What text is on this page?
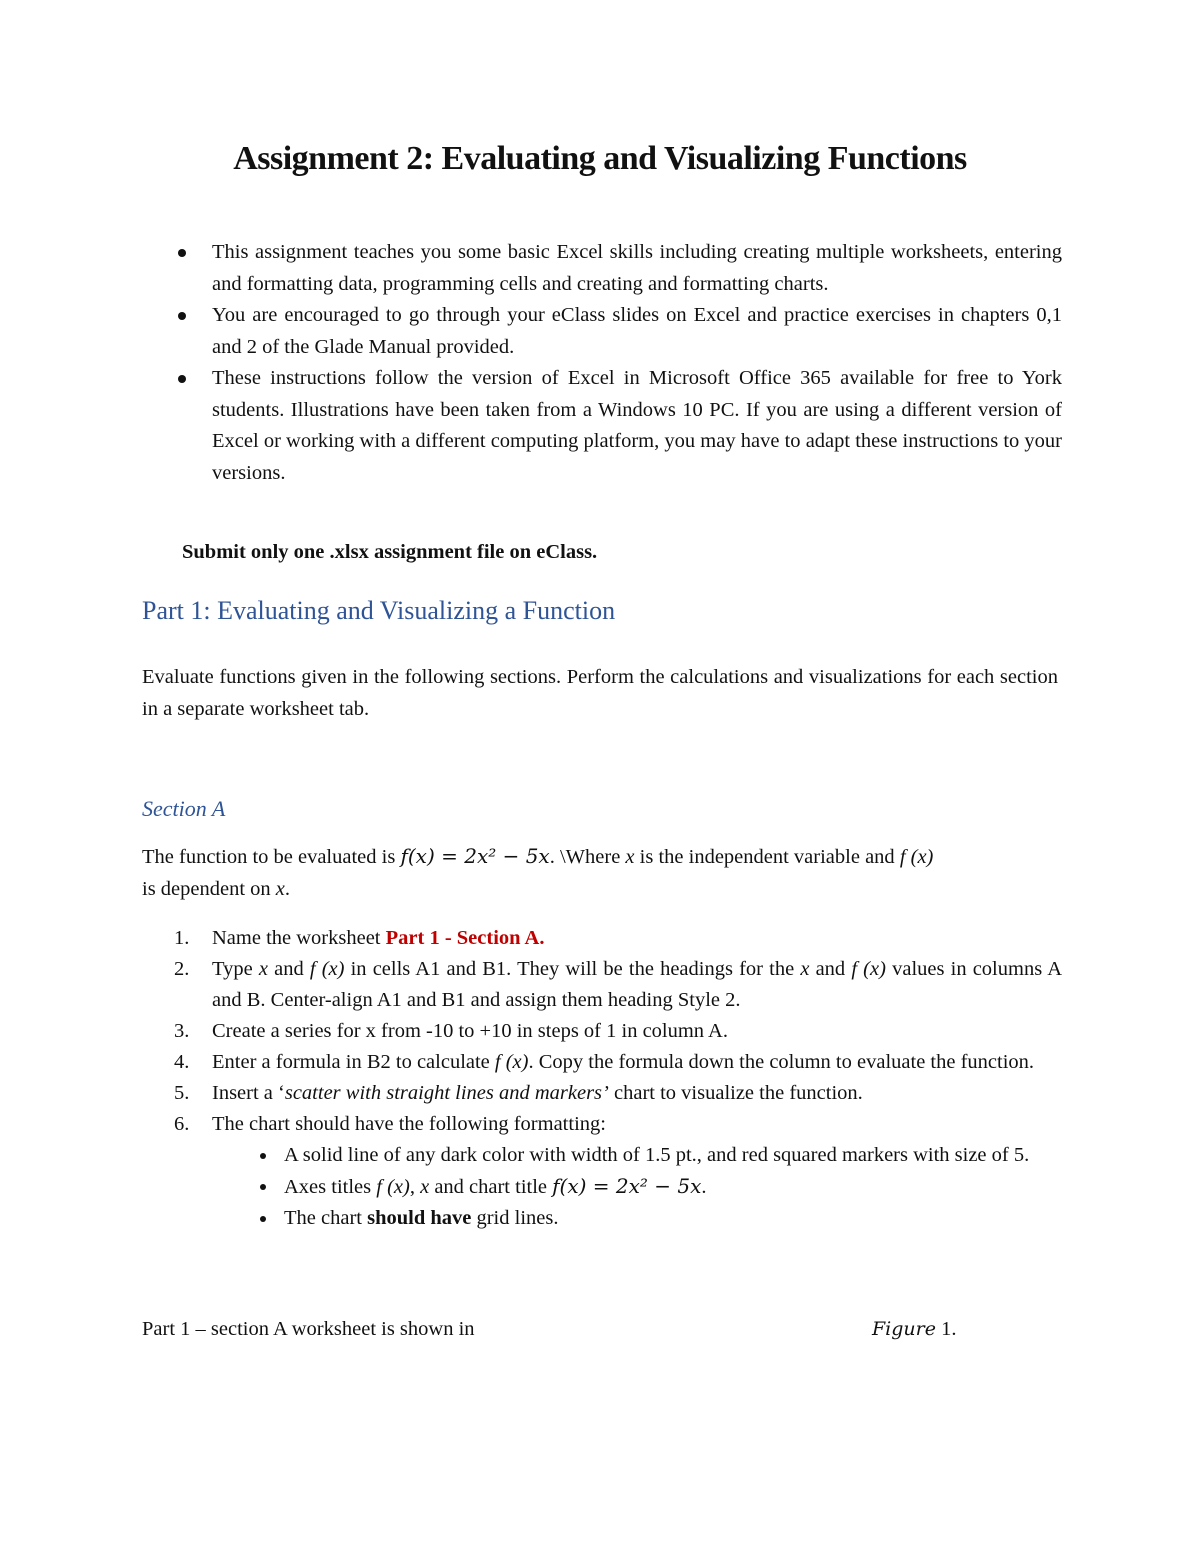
Assignment 2: Evaluating and Visualizing Functions
This assignment teaches you some basic Excel skills including creating multiple worksheets, entering and formatting data, programming cells and creating and formatting charts.
You are encouraged to go through your eClass slides on Excel and practice exercises in chapters 0,1 and 2 of the Glade Manual provided.
These instructions follow the version of Excel in Microsoft Office 365 available for free to York students. Illustrations have been taken from a Windows 10 PC. If you are using a different version of Excel or working with a different computing platform, you may have to adapt these instructions to your versions.

Submit only one .xlsx assignment file on eClass.

Part 1: Evaluating and Visualizing a Function

Evaluate functions given in the following sections. Perform the calculations and visualizations for each section in a separate worksheet tab.

Section A

The function to be evaluated is f(x) = 2x² − 5x. \Where x is the independent variable and f (x)
is dependent on x.

1. Name the worksheet Part 1 - Section A.
2. Type x and f (x) in cells A1 and B1. They will be the headings for the x and f (x) values in columns A and B. Center-align A1 and B1 and assign them heading Style 2.
3. Create a series for x from -10 to +10 in steps of 1 in column A.
4. Enter a formula in B2 to calculate f (x). Copy the formula down the column to evaluate the function.
5. Insert a ‘scatter with straight lines and markers’ chart to visualize the function.
6. The chart should have the following formatting:
A solid line of any dark color with width of 1.5 pt., and red squared markers with size of 5.
Axes titles f (x), x and chart title f(x) = 2x² − 5x.
The chart should have grid lines.

Part 1 – section A worksheet is shown in	Figure 1.
